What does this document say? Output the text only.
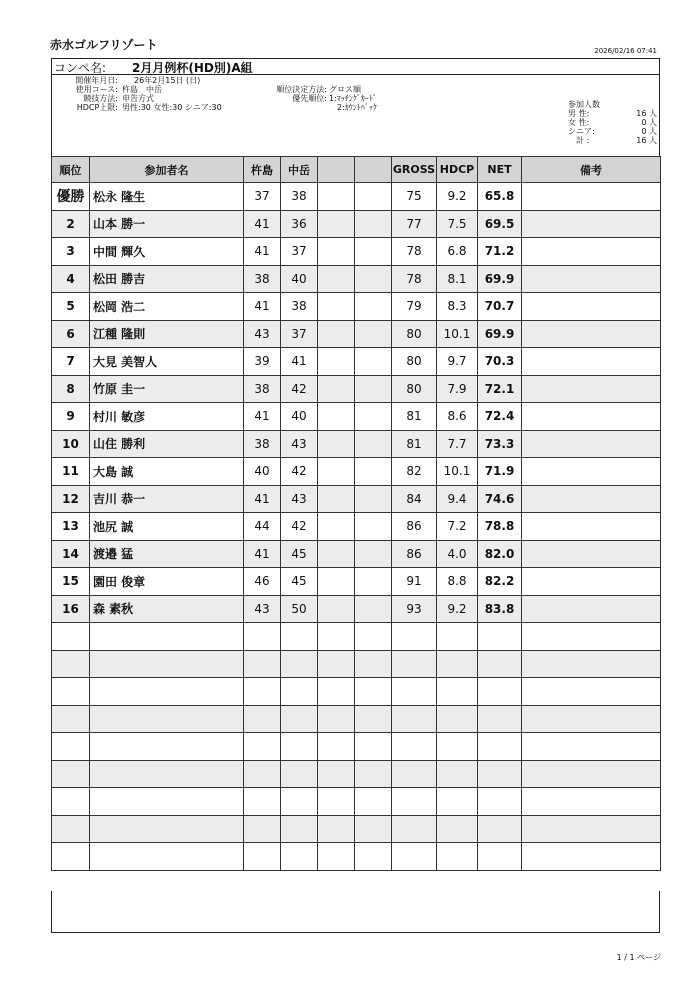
赤水ゴルフリゾート	2026/02/16 07:41
コンペ名: 2月月例杯(HD別)A組
開催年月日: 26年2月15日 (日)
使用コース: 杵島　中岳
競技方法: 申告方式
HDCP上限: 男性:30 女性:30 シニア:30
順位決定方法: グロス順
優先順位: 1:ﾏｯﾁﾝｸﾞｶｰﾄﾞ
2:ｶｳﾝﾄﾊﾞｯｸ	参加人数
男 性:	16 人
女 性:	0 人
シニア:	0 人
計 :	16 人
順位	参加者名	杵島	中岳			GROSS	HDCP	NET	備考
優勝	松永 隆生	37	38			75	9.2	65.8	
2	山本 勝一	41	36			77	7.5	69.5	
3	中間 輝久	41	37			78	6.8	71.2	
4	松田 勝吉	38	40			78	8.1	69.9	
5	松岡 浩二	41	38			79	8.3	70.7	
6	江種 隆則	43	37			80	10.1	69.9	
7	大見 美智人	39	41			80	9.7	70.3	
8	竹原 圭一	38	42			80	7.9	72.1	
9	村川 敏彦	41	40			81	8.6	72.4	
10	山住 勝利	38	43			81	7.7	73.3	
11	大島 誠	40	42			82	10.1	71.9	
12	吉川 恭一	41	43			84	9.4	74.6	
13	池尻 誠	44	42			86	7.2	78.8	
14	渡邉 猛	41	45			86	4.0	82.0	
15	園田 俊章	46	45			91	8.8	82.2	
16	森 素秋	43	50			93	9.2	83.8	

1 / 1 ページ
